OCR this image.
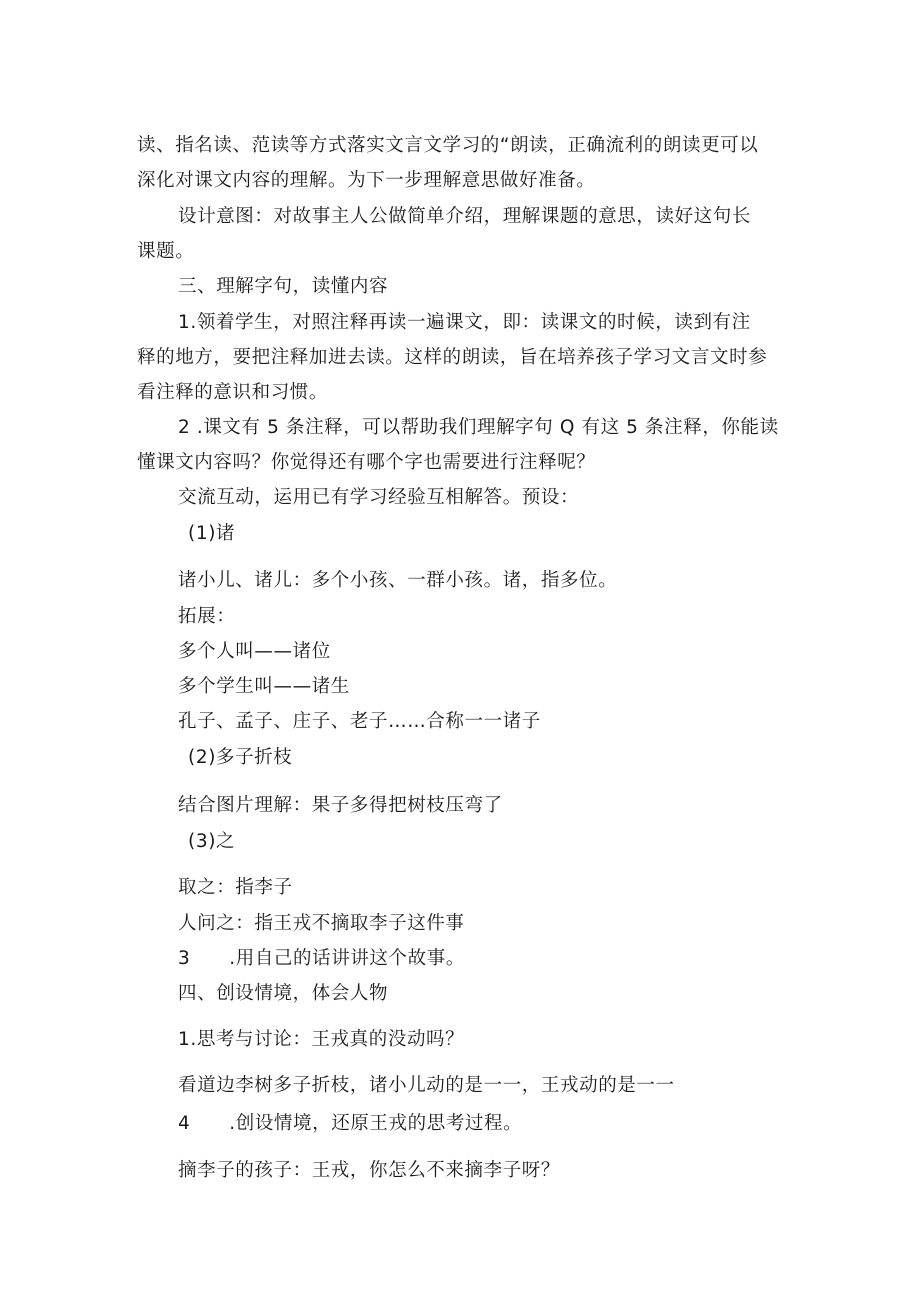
读、指名读、范读等方式落实文言文学习的“朗读，正确流利的朗读更可以

深化对课文内容的理解。为下一步理解意思做好准备。

设计意图：对故事主人公做简单介绍，理解课题的意思，读好这句长

课题。

三、理解字句，读懂内容

1.领着学生，对照注释再读一遍课文，即：读课文的时候，读到有注

释的地方，要把注释加进去读。这样的朗读，旨在培养孩子学习文言文时参

看注释的意识和习惯。

2 .课文有 5 条注释，可以帮助我们理解字句 Q 有这 5 条注释，你能读

懂课文内容吗？你觉得还有哪个字也需要进行注释呢？

交流互动，运用已有学习经验互相解答。预设：

(1)诸

诸小儿、诸儿：多个小孩、一群小孩。诸，指多位。

拓展：

多个人叫——诸位

多个学生叫——诸生

孔子、孟子、庄子、老子……合称一一诸子

(2)多子折枝

结合图片理解：果子多得把树枝压弯了

(3)之

取之：指李子

人问之：指王戎不摘取李子这件事

3      .用自己的话讲讲这个故事。

四、创设情境，体会人物

1.思考与讨论：王戎真的没动吗？

看道边李树多子折枝，诸小儿动的是一一，王戎动的是一一

4      .创设情境，还原王戎的思考过程。

摘李子的孩子：王戎，你怎么不来摘李子呀？
